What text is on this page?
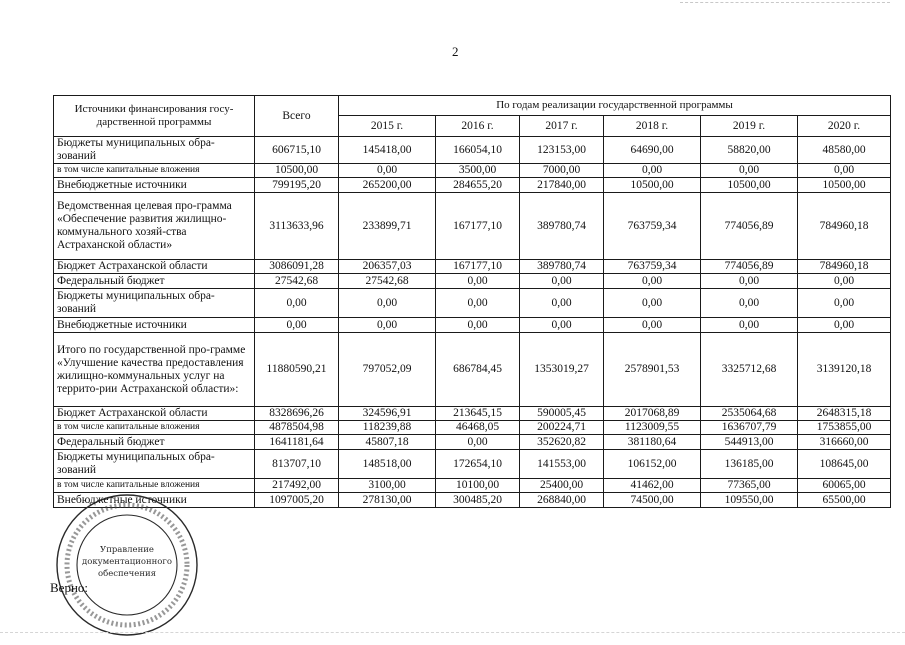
2
Источники финансирования госу-дарственной программы	Всего	По годам реализации государственной программы					
		2015 г.	2016 г.	2017 г.	2018 г.	2019 г.	2020 г.
Бюджеты муниципальных обра-зований	606715,10	145418,00	166054,10	123153,00	64690,00	58820,00	48580,00
в том числе капитальные вложения	10500,00	0,00	3500,00	7000,00	0,00	0,00	0,00
Внебюджетные источники	799195,20	265200,00	284655,20	217840,00	10500,00	10500,00	10500,00
Ведомственная целевая про-грамма «Обеспечение развития жилищно-коммунального хозяй-ства Астраханской области»	3113633,96	233899,71	167177,10	389780,74	763759,34	774056,89	784960,18
Бюджет Астраханской области	3086091,28	206357,03	167177,10	389780,74	763759,34	774056,89	784960,18
Федеральный бюджет	27542,68	27542,68	0,00	0,00	0,00	0,00	0,00
Бюджеты муниципальных обра-зований	0,00	0,00	0,00	0,00	0,00	0,00	0,00
Внебюджетные источники	0,00	0,00	0,00	0,00	0,00	0,00	0,00
Итого по государственной про-грамме «Улучшение качества предоставления жилищно-коммунальных услуг на террито-рии Астраханской области»:	11880590,21	797052,09	686784,45	1353019,27	2578901,53	3325712,68	3139120,18
Бюджет Астраханской области	8328696,26	324596,91	213645,15	590005,45	2017068,89	2535064,68	2648315,18
в том числе капитальные вложения	4878504,98	118239,88	46468,05	200224,71	1123009,55	1636707,79	1753855,00
Федеральный бюджет	1641181,64	45807,18	0,00	352620,82	381180,64	544913,00	316660,00
Бюджеты муниципальных обра-зований	813707,10	148518,00	172654,10	141553,00	106152,00	136185,00	108645,00
в том числе капитальные вложения	217492,00	3100,00	10100,00	25400,00	41462,00	77365,00	60065,00
Внебюджетные источники	1097005,20	278130,00	300485,20	268840,00	74500,00	109550,00	65500,00
Управление
документационного
обеспечения
Верно:
